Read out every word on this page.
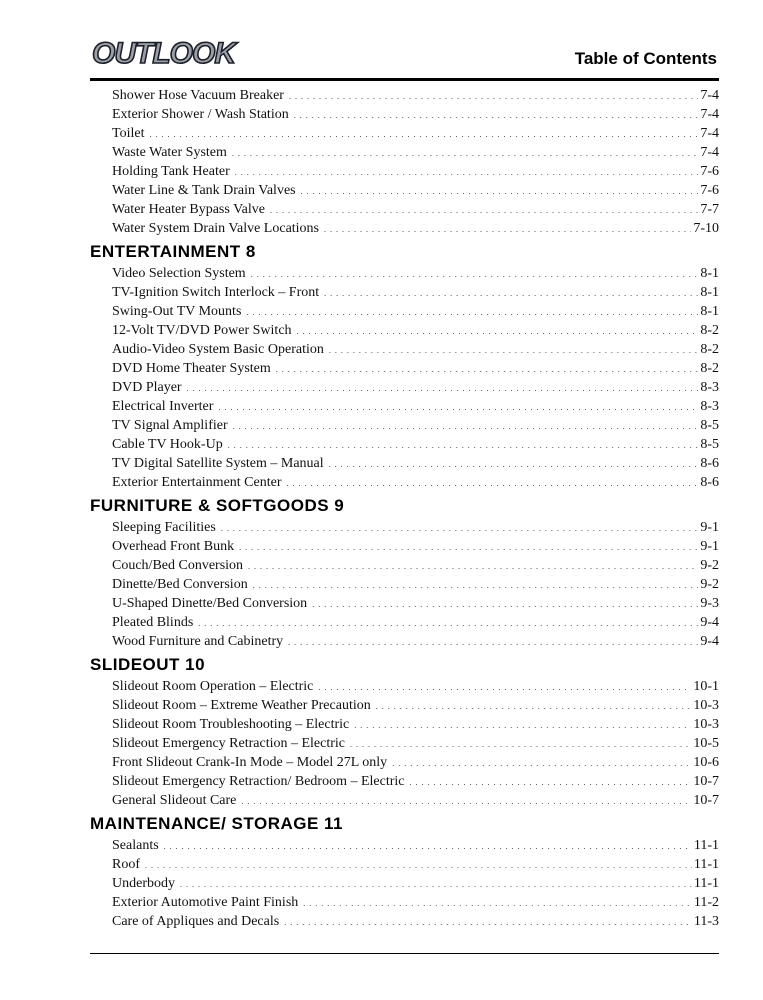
OUTLOOK	Table of Contents
Shower Hose Vacuum Breaker . . .	7-4
Exterior Shower / Wash Station . . .	7-4
Toilet . . .	7-4
Waste Water System . . .	7-4
Holding Tank Heater . . .	7-6
Water Line & Tank Drain Valves . . .	7-6
Water Heater Bypass Valve . . .	7-7
Water System Drain Valve Locations . . .	7-10
ENTERTAINMENT 8
Video Selection System . . .	8-1
TV-Ignition Switch Interlock – Front . . .	8-1
Swing-Out TV Mounts . . .	8-1
12-Volt TV/DVD Power Switch . . .	8-2
Audio-Video System Basic Operation . . .	8-2
DVD Home Theater System . . .	8-2
DVD Player . . .	8-3
Electrical Inverter . . .	8-3
TV Signal Amplifier . . .	8-5
Cable TV Hook-Up . . .	8-5
TV Digital Satellite System – Manual . . .	8-6
Exterior Entertainment Center . . .	8-6
FURNITURE & SOFTGOODS 9
Sleeping Facilities . . .	9-1
Overhead Front Bunk . . .	9-1
Couch/Bed Conversion . . .	9-2
Dinette/Bed Conversion . . .	9-2
U-Shaped Dinette/Bed Conversion . . .	9-3
Pleated Blinds . . .	9-4
Wood Furniture and Cabinetry . . .	9-4
SLIDEOUT 10
Slideout Room Operation – Electric . . .	10-1
Slideout Room – Extreme Weather Precaution . . .	10-3
Slideout Room Troubleshooting – Electric . . .	10-3
Slideout Emergency Retraction – Electric . . .	10-5
Front Slideout Crank-In Mode – Model 27L only . . .	10-6
Slideout Emergency Retraction/ Bedroom – Electric . . .	10-7
General Slideout Care . . .	10-7
MAINTENANCE/ STORAGE 11
Sealants . . .	11-1
Roof . . .	11-1
Underbody . . .	11-1
Exterior Automotive Paint Finish . . .	11-2
Care of Appliques and Decals . . .	11-3
